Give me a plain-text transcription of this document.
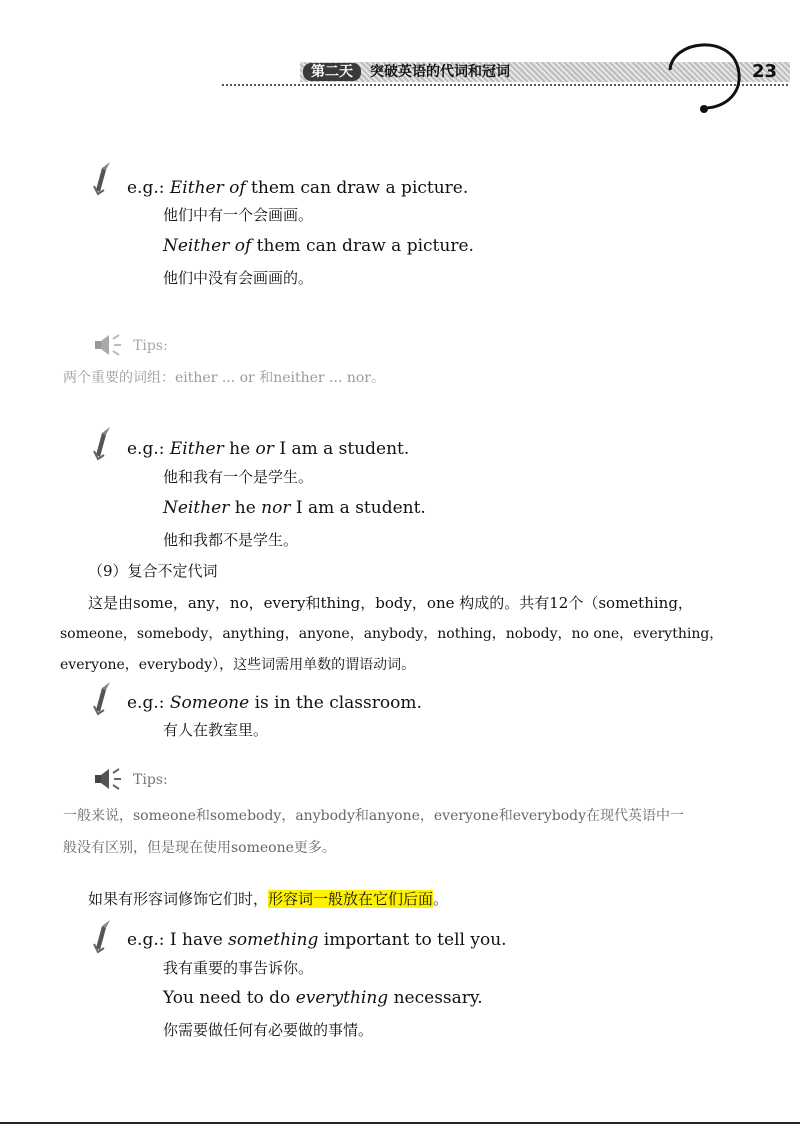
第二天	突破英语的代词和冠词	23
e.g.: Either of them can draw a picture.
他们中有一个会画画。
Neither of them can draw a picture.
他们中没有会画画的。
Tips:
两个重要的词组：either ... or 和neither ... nor。
e.g.: Either he or I am a student.
他和我有一个是学生。
Neither he nor I am a student.
他和我都不是学生。
（9）复合不定代词
这是由some，any，no，every和thing，body，one 构成的。共有12个（something，
someone，somebody，anything，anyone，anybody，nothing，nobody，no one，everything，
everyone，everybody），这些词需用单数的谓语动词。
e.g.: Someone is in the classroom.
有人在教室里。
Tips:
一般来说，someone和somebody，anybody和anyone，everyone和everybody在现代英语中一
般没有区别，但是现在使用someone更多。
如果有形容词修饰它们时，形容词一般放在它们后面。
e.g.: I have something important to tell you.
我有重要的事告诉你。
You need to do everything necessary.
你需要做任何有必要做的事情。
